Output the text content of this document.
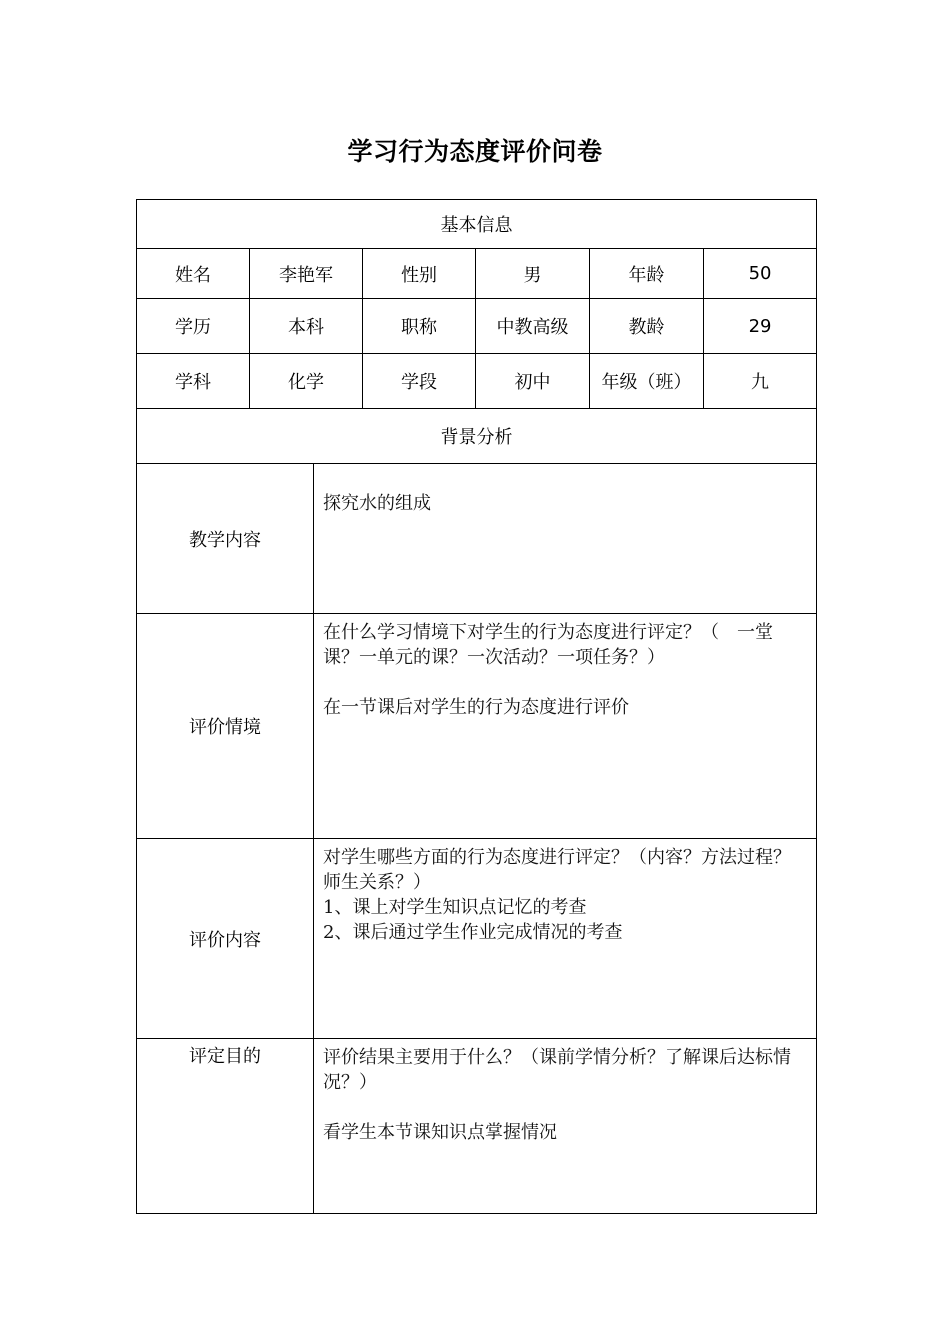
学习行为态度评价问卷
基本信息						
姓名	李艳军		性别	男	年龄	50
学历	本科		职称	中教高级	教龄	29
学科	化学		学段	初中	年级（班）	九
背景分析						
教学内容		探究水的组成				

评价情境		在什么学习情境下对学生的行为态度进行评定？（　一堂课？一单元的课？一次活动？一项任务？）

在一节课后对学生的行为态度进行评价				

评价内容		对学生哪些方面的行为态度进行评定？（内容？方法过程？师生关系？）

1、课上对学生知识点记忆的考查

2、课后通过学生作业完成情况的考查				

评定目的		评价结果主要用于什么？（课前学情分析？了解课后达标情况？）

看学生本节课知识点掌握情况				
